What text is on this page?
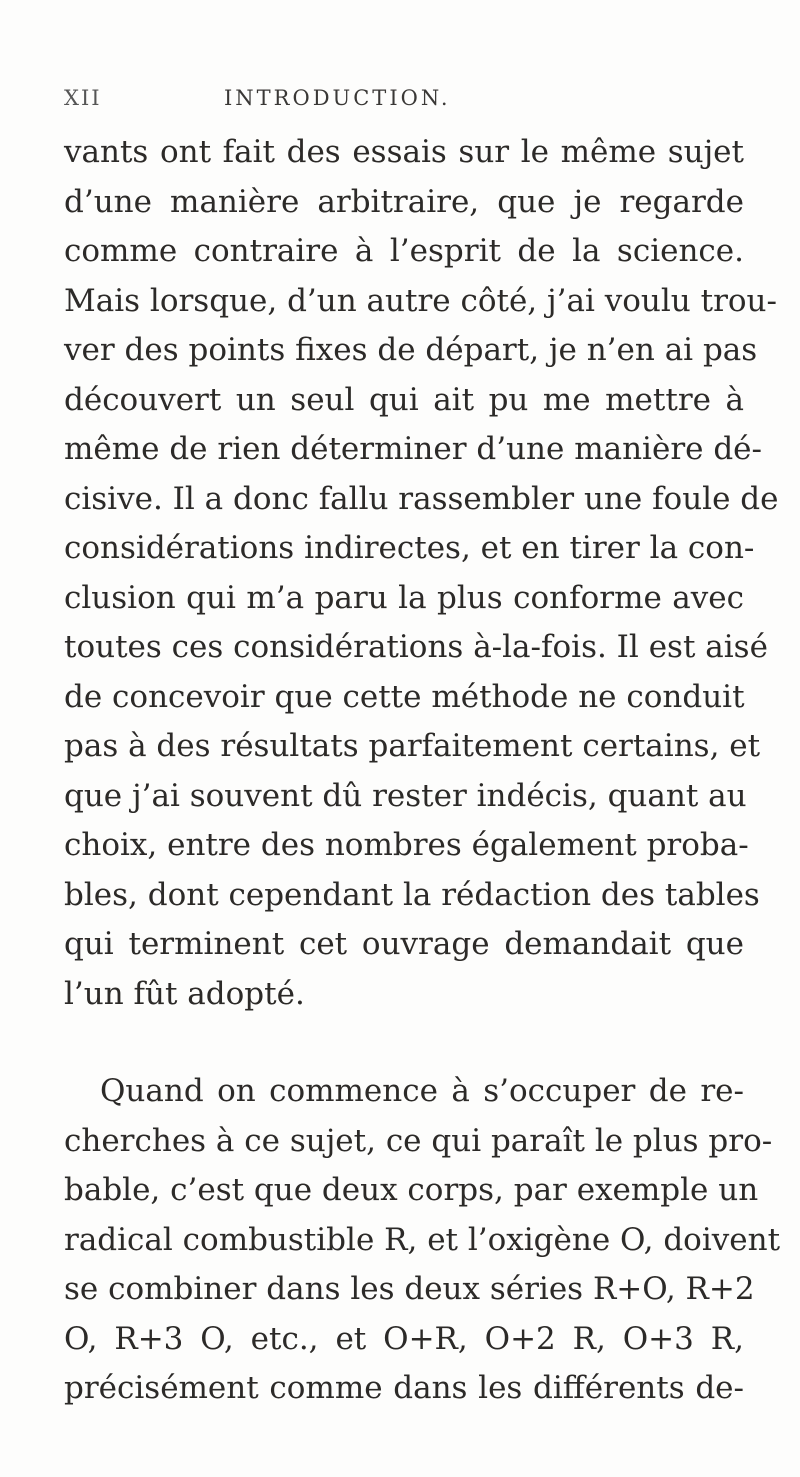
XII	INTRODUCTION.
vants ont fait des essais sur le même sujet
d’une manière arbitraire, que je regarde
comme contraire à l’esprit de la science.
Mais lorsque, d’un autre côté, j’ai voulu trou-
ver des points fixes de départ, je n’en ai pas
découvert un seul qui ait pu me mettre à
même de rien déterminer d’une manière dé-
cisive. Il a donc fallu rassembler une foule de
considérations indirectes, et en tirer la con-
clusion qui m’a paru la plus conforme avec
toutes ces considérations à-la-fois. Il est aisé
de concevoir que cette méthode ne conduit
pas à des résultats parfaitement certains, et
que j’ai souvent dû rester indécis, quant au
choix, entre des nombres également proba-
bles, dont cependant la rédaction des tables
qui terminent cet ouvrage demandait que
l’un fût adopté.
Quand on commence à s’occuper de re-
cherches à ce sujet, ce qui paraît le plus pro-
bable, c’est que deux corps, par exemple un
radical combustible R, et l’oxigène O, doivent
se combiner dans les deux séries R+O, R+2
O, R+3 O, etc., et O+R, O+2 R, O+3 R,
précisément comme dans les différents de-
